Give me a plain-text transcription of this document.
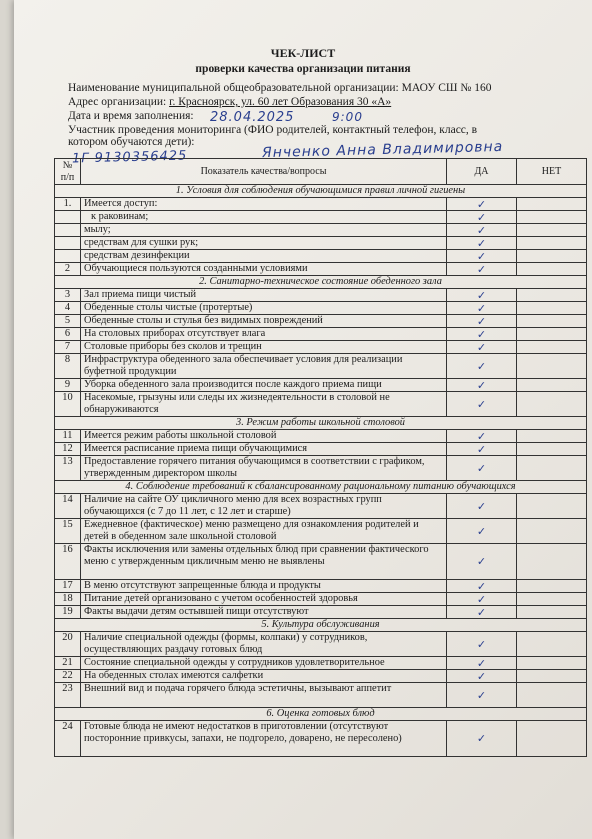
ЧЕК-ЛИСТ
проверки качества организации питания
Наименование муниципальной общеобразовательной организации: МАОУ СШ № 160
Адрес организации: г. Красноярск, ул. 60 лет Образования 30 «А»
Дата и время заполнения: 28.04.2025	9:00
Участник проведения мониторинга (ФИО родителей, контактный телефон, класс, в
котором обучаются дети):	Янченко Анна Владимировна
1Г 9130356425
№ п/п	Показатель качества/вопросы	ДА	НЕТ
1. Условия для соблюдения обучающимися правил личной гигиены			
1.	Имеется доступ:	✓	
	к раковинам;	✓	
	мылу;	✓	
	средствам для сушки рук;	✓	
	средствам дезинфекции	✓	
2	Обучающиеся пользуются созданными условиями	✓	
2. Санитарно-техническое состояние обеденного зала			
3	Зал приема пищи чистый	✓	
4	Обеденные столы чистые (протертые)	✓	
5	Обеденные столы и стулья без видимых повреждений	✓	
6	На столовых приборах отсутствует влага	✓	
7	Столовые приборы без сколов и трещин	✓	
8	Инфраструктура обеденного зала обеспечивает условия для реализации буфетной продукции	✓	
9	Уборка обеденного зала производится после каждого приема пищи	✓	
10	Насекомые, грызуны или следы их жизнедеятельности в столовой не обнаруживаются	✓	
3. Режим работы школьной столовой			
11	Имеется режим работы школьной столовой	✓	
12	Имеется расписание приема пищи обучающимися	✓	
13	Предоставление горячего питания обучающимся в соответствии с графиком, утвержденным директором школы	✓	
4. Соблюдение требований к сбалансированному рациональному питанию обучающихся			
14	Наличие на сайте ОУ цикличного меню для всех возрастных групп обучающихся (с 7 до 11 лет, с 12 лет и старше)	✓	
15	Ежедневное (фактическое) меню размещено для ознакомления родителей и детей в обеденном зале школьной столовой	✓	
16	Факты исключения или замены отдельных блюд при сравнении фактического меню с утвержденным цикличным меню не выявлены	✓	
17	В меню отсутствуют запрещенные блюда и продукты	✓	
18	Питание детей организовано с учетом особенностей здоровья	✓	
19	Факты выдачи детям остывшей пищи отсутствуют	✓	
5. Культура обслуживания			
20	Наличие специальной одежды (формы, колпаки) у сотрудников, осуществляющих раздачу готовых блюд	✓	
21	Состояние специальной одежды у сотрудников удовлетворительное	✓	
22	На обеденных столах имеются салфетки	✓	
23	Внешний вид и подача горячего блюда эстетичны, вызывают аппетит	✓	
6. Оценка готовых блюд			
24	Готовые блюда не имеют недостатков в приготовлении (отсутствуют посторонние привкусы, запахи, не подгорело, доварено, не пересолено)	✓	
